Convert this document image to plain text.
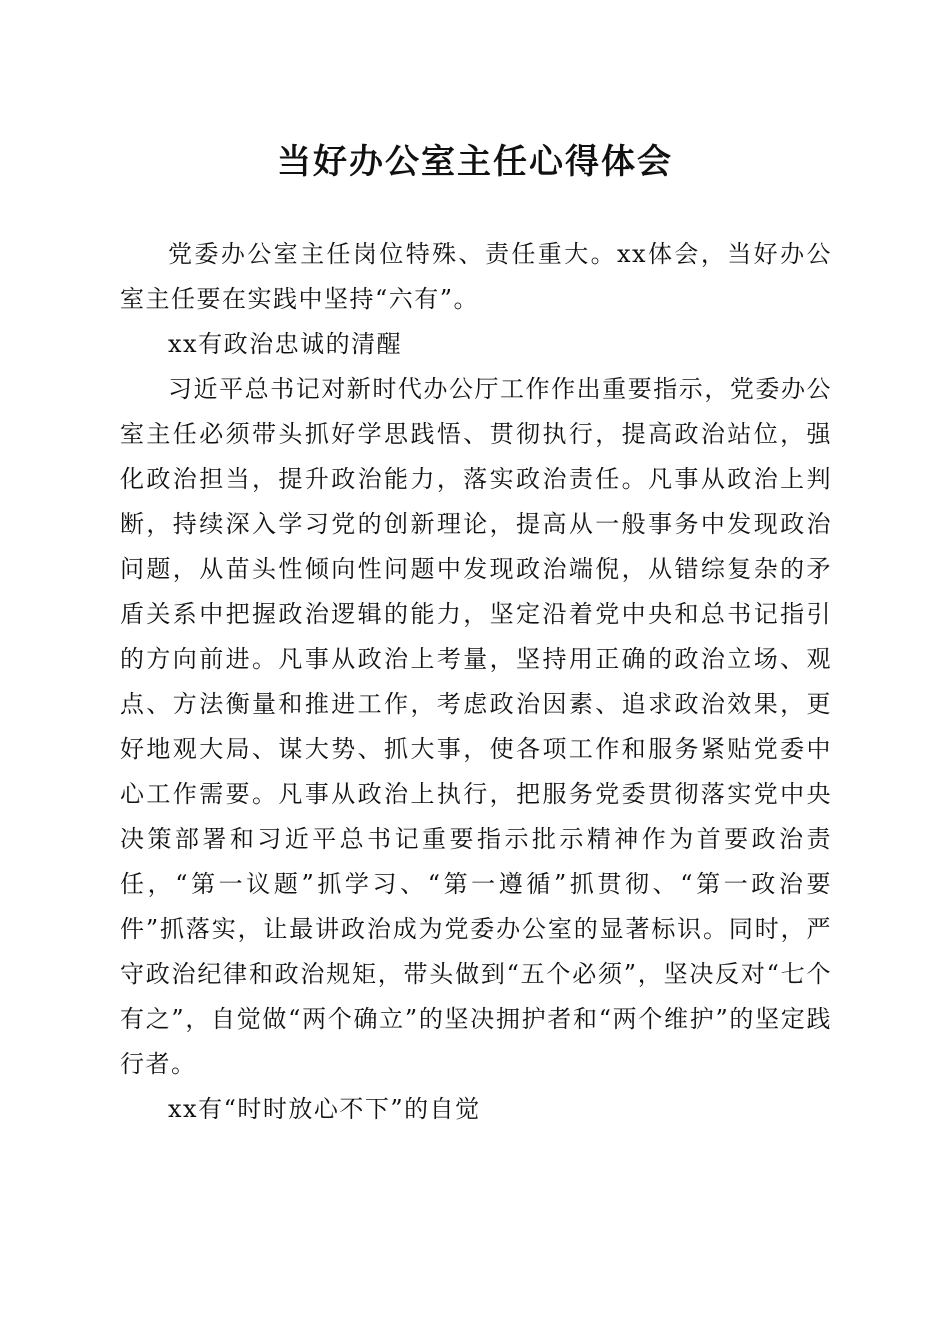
当好办公室主任心得体会

党委办公室主任岗位特殊、责任重大。xx体会，当好办公室主任要在实践中坚持“六有”。

xx有政治忠诚的清醒

习近平总书记对新时代办公厅工作作出重要指示，党委办公室主任必须带头抓好学思践悟、贯彻执行，提高政治站位，强化政治担当，提升政治能力，落实政治责任。凡事从政治上判断，持续深入学习党的创新理论，提高从一般事务中发现政治问题，从苗头性倾向性问题中发现政治端倪，从错综复杂的矛盾关系中把握政治逻辑的能力，坚定沿着党中央和总书记指引的方向前进。凡事从政治上考量，坚持用正确的政治立场、观点、方法衡量和推进工作，考虑政治因素、追求政治效果，更好地观大局、谋大势、抓大事，使各项工作和服务紧贴党委中心工作需要。凡事从政治上执行，把服务党委贯彻落实党中央决策部署和习近平总书记重要指示批示精神作为首要政治责任，“第一议题”抓学习、“第一遵循”抓贯彻、“第一政治要件”抓落实，让最讲政治成为党委办公室的显著标识。同时，严守政治纪律和政治规矩，带头做到“五个必须”，坚决反对“七个有之”，自觉做“两个确立”的坚决拥护者和“两个维护”的坚定践行者。

xx有“时时放心不下”的自觉
